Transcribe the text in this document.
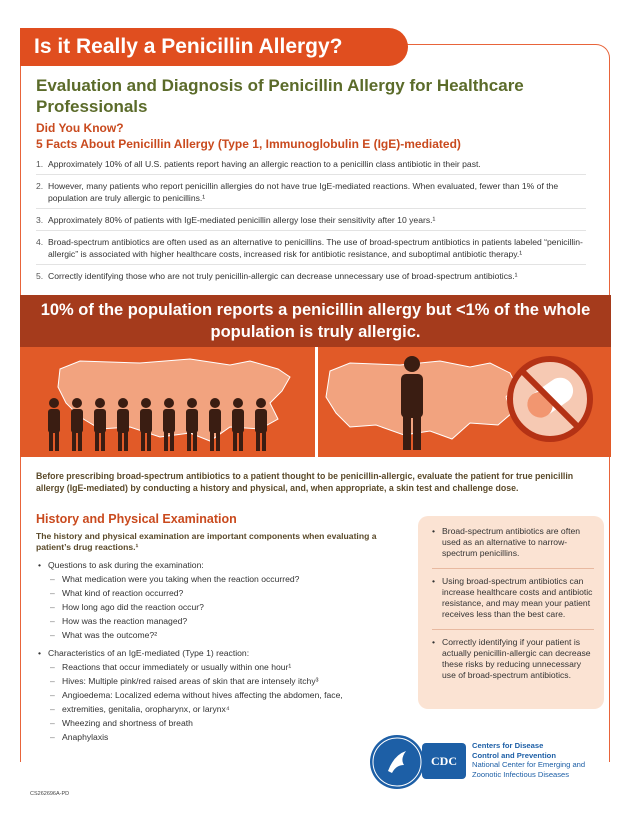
Is it Really a Penicillin Allergy?
Evaluation and Diagnosis of Penicillin Allergy for Healthcare Professionals
Did You Know?
5 Facts About Penicillin Allergy (Type 1, Immunoglobulin E (IgE)-mediated)
1. Approximately 10% of all U.S. patients report having an allergic reaction to a penicillin class antibiotic in their past.
2. However, many patients who report penicillin allergies do not have true IgE-mediated reactions. When evaluated, fewer than 1% of the population are truly allergic to penicillins.¹
3. Approximately 80% of patients with IgE-mediated penicillin allergy lose their sensitivity after 10 years.¹
4. Broad-spectrum antibiotics are often used as an alternative to penicillins. The use of broad-spectrum antibiotics in patients labeled “penicillin-allergic” is associated with higher healthcare costs, increased risk for antibiotic resistance, and suboptimal antibiotic therapy.¹
5. Correctly identifying those who are not truly penicillin-allergic can decrease unnecessary use of broad-spectrum antibiotics.¹
10% of the population reports a penicillin allergy but <1% of the whole population is truly allergic.
Before prescribing broad-spectrum antibiotics to a patient thought to be penicillin-allergic, evaluate the patient for true penicillin allergy (IgE-mediated) by conducting a history and physical, and, when appropriate, a skin test and challenge dose.
History and Physical Examination
The history and physical examination are important components when evaluating a patient’s drug reactions.¹
• Questions to ask during the examination:
– What medication were you taking when the reaction occurred?
– What kind of reaction occurred?
– How long ago did the reaction occur?
– How was the reaction managed?
– What was the outcome?²
• Characteristics of an IgE-mediated (Type 1) reaction:
– Reactions that occur immediately or usually within one hour¹
– Hives: Multiple pink/red raised areas of skin that are intensely itchy³
– Angioedema: Localized edema without hives affecting the abdomen, face,
– extremities, genitalia, oropharynx, or larynx⁴
– Wheezing and shortness of breath
– Anaphylaxis
• Broad-spectrum antibiotics are often used as an alternative to narrow-spectrum penicillins.
• Using broad-spectrum antibiotics can increase healthcare costs and antibiotic resistance, and may mean your patient receives less than the best care.
• Correctly identifying if your patient is actually penicillin-allergic can decrease these risks by reducing unnecessary use of broad-spectrum antibiotics.
CDC
Centers for Disease
Control and Prevention
National Center for Emerging and
Zoonotic Infectious Diseases
CS262696A-PD
